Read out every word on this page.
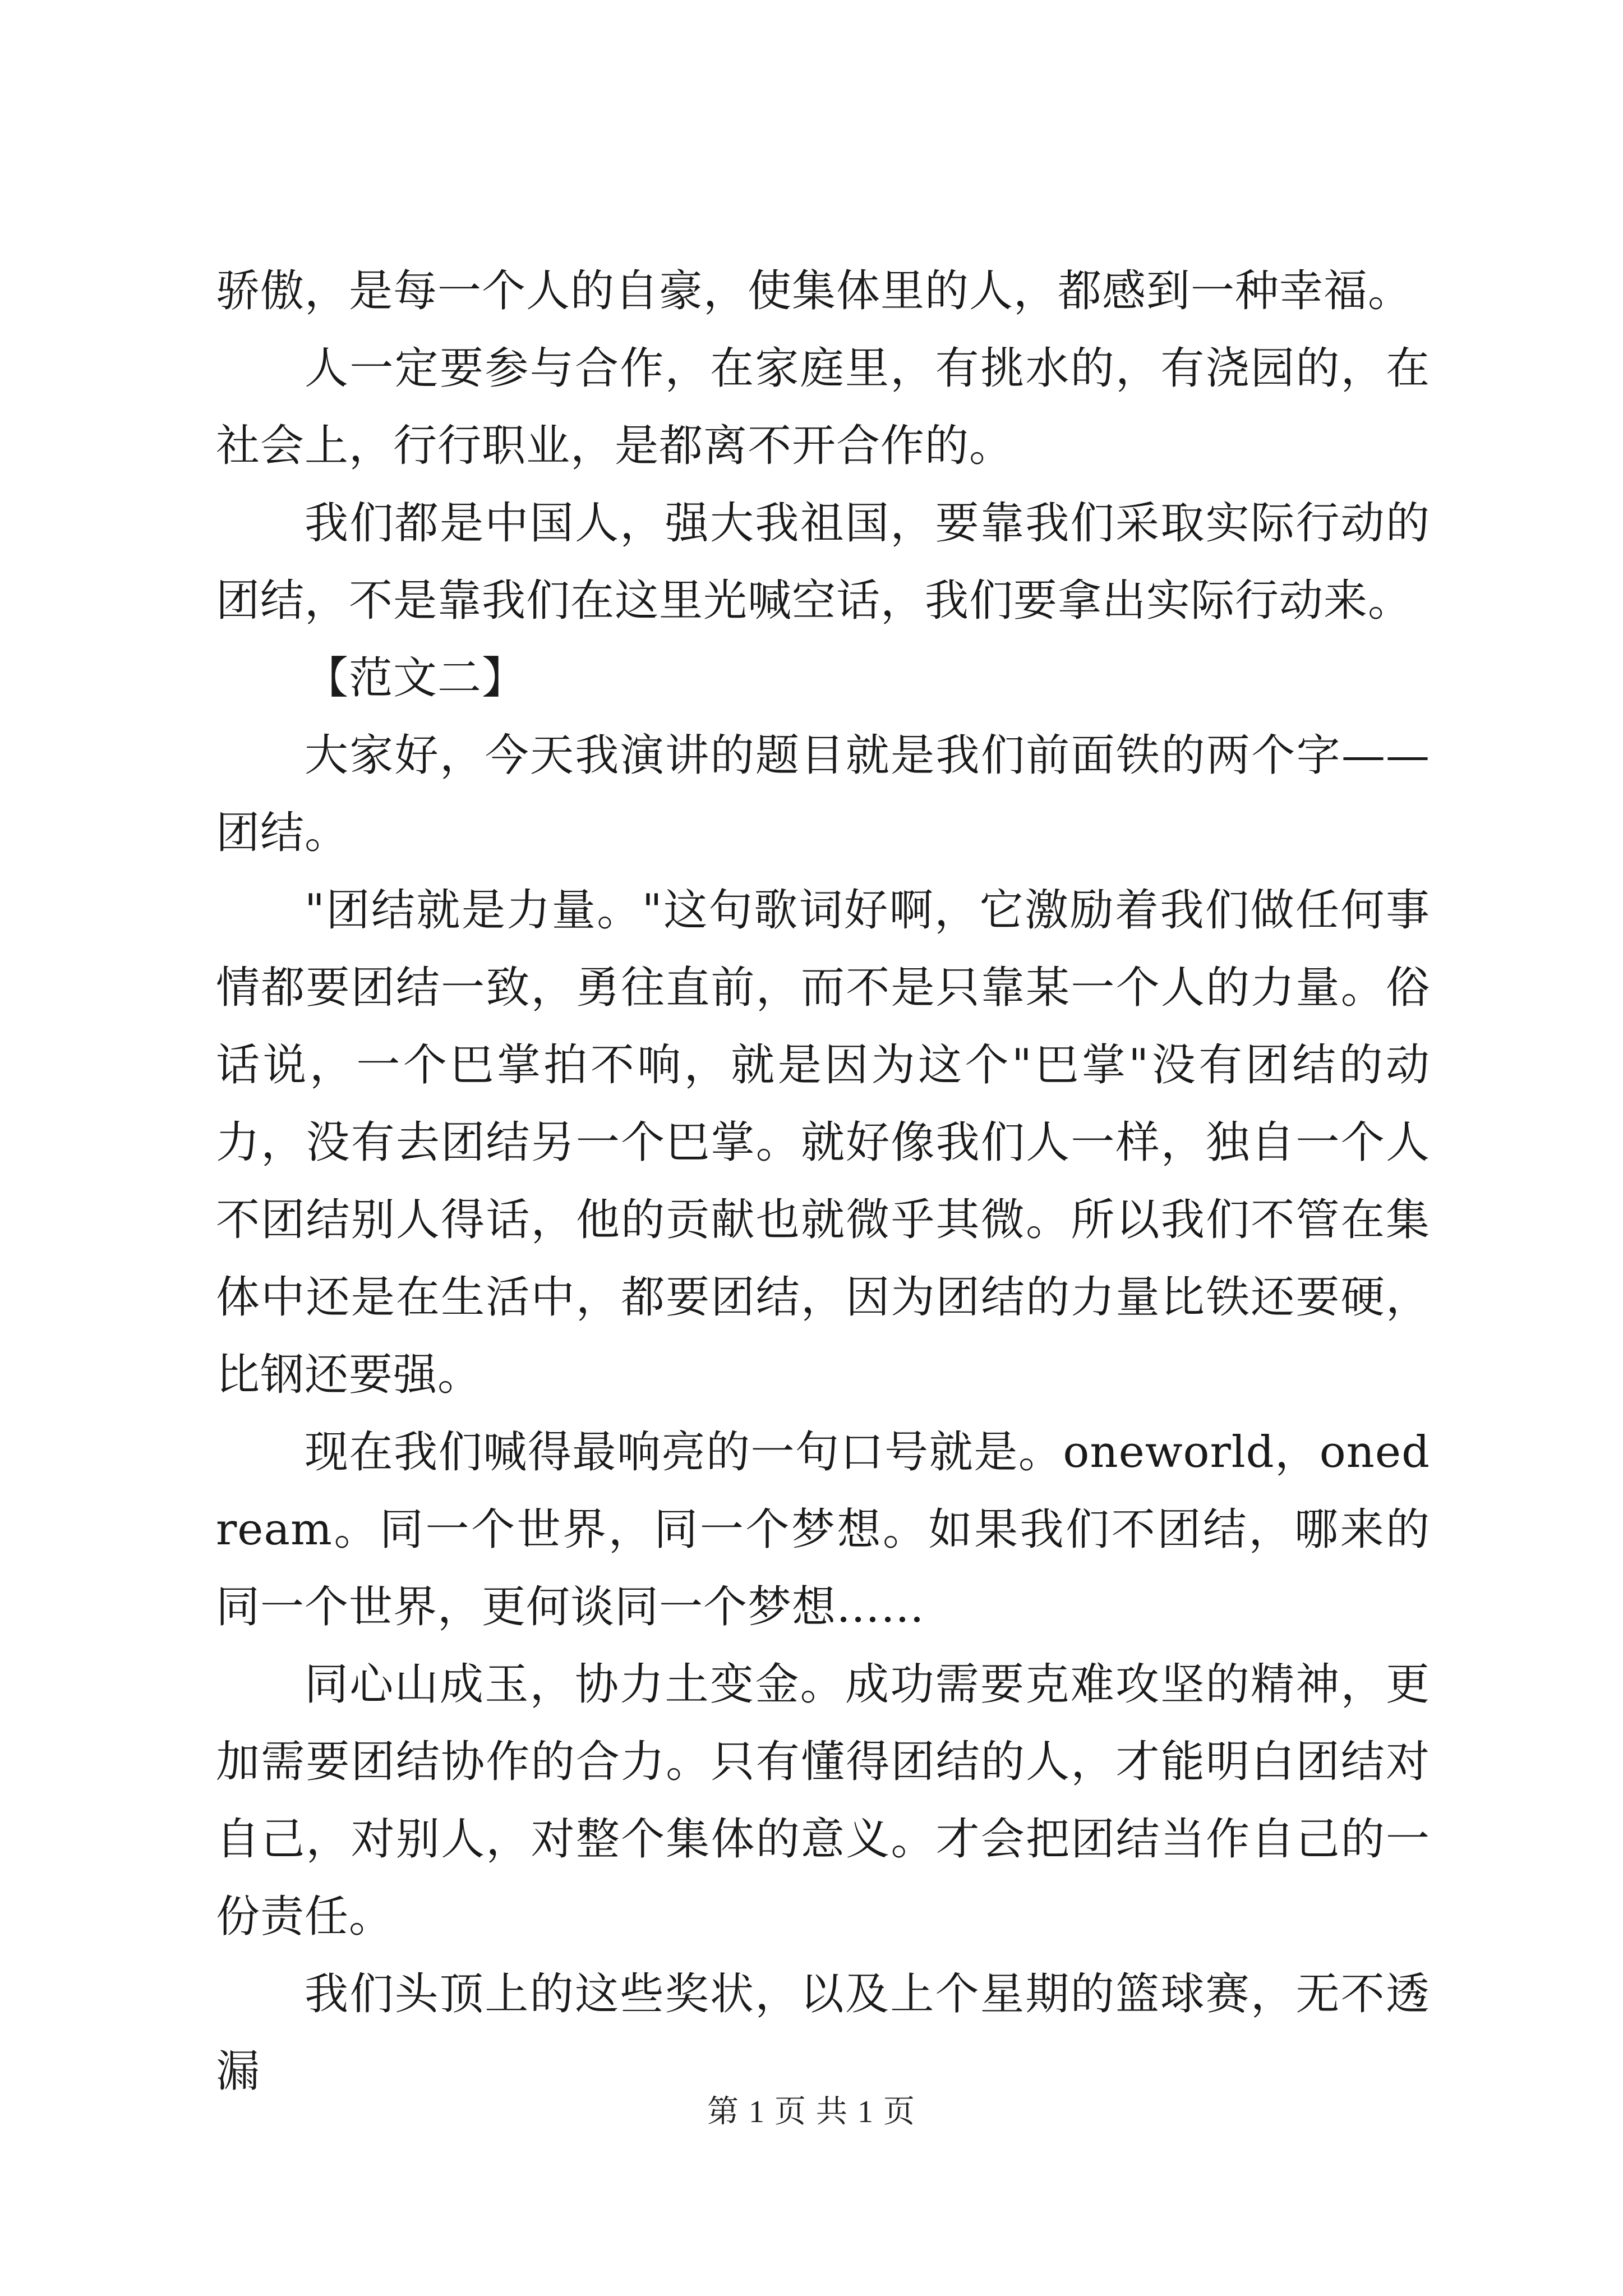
骄傲，是每一个人的自豪，使集体里的人，都感到一种幸福。

人一定要参与合作，在家庭里，有挑水的，有浇园的，在社会上，行行职业，是都离不开合作的。

我们都是中国人，强大我祖国，要靠我们采取实际行动的团结，不是靠我们在这里光喊空话，我们要拿出实际行动来。

【范文二】

大家好，今天我演讲的题目就是我们前面铁的两个字——团结。

"团结就是力量。"这句歌词好啊，它激励着我们做任何事情都要团结一致，勇往直前，而不是只靠某一个人的力量。俗话说，一个巴掌拍不响，就是因为这个"巴掌"没有团结的动力，没有去团结另一个巴掌。就好像我们人一样，独自一个人不团结别人得话，他的贡献也就微乎其微。所以我们不管在集体中还是在生活中，都要团结，因为团结的力量比铁还要硬，比钢还要强。

现在我们喊得最响亮的一句口号就是。oneworld，onedream。同一个世界，同一个梦想。如果我们不团结，哪来的同一个世界，更何谈同一个梦想……

同心山成玉，协力土变金。成功需要克难攻坚的精神，更加需要团结协作的合力。只有懂得团结的人，才能明白团结对自己，对别人，对整个集体的意义。才会把团结当作自己的一份责任。

我们头顶上的这些奖状，以及上个星期的篮球赛，无不透漏

第 1 页 共 1 页
